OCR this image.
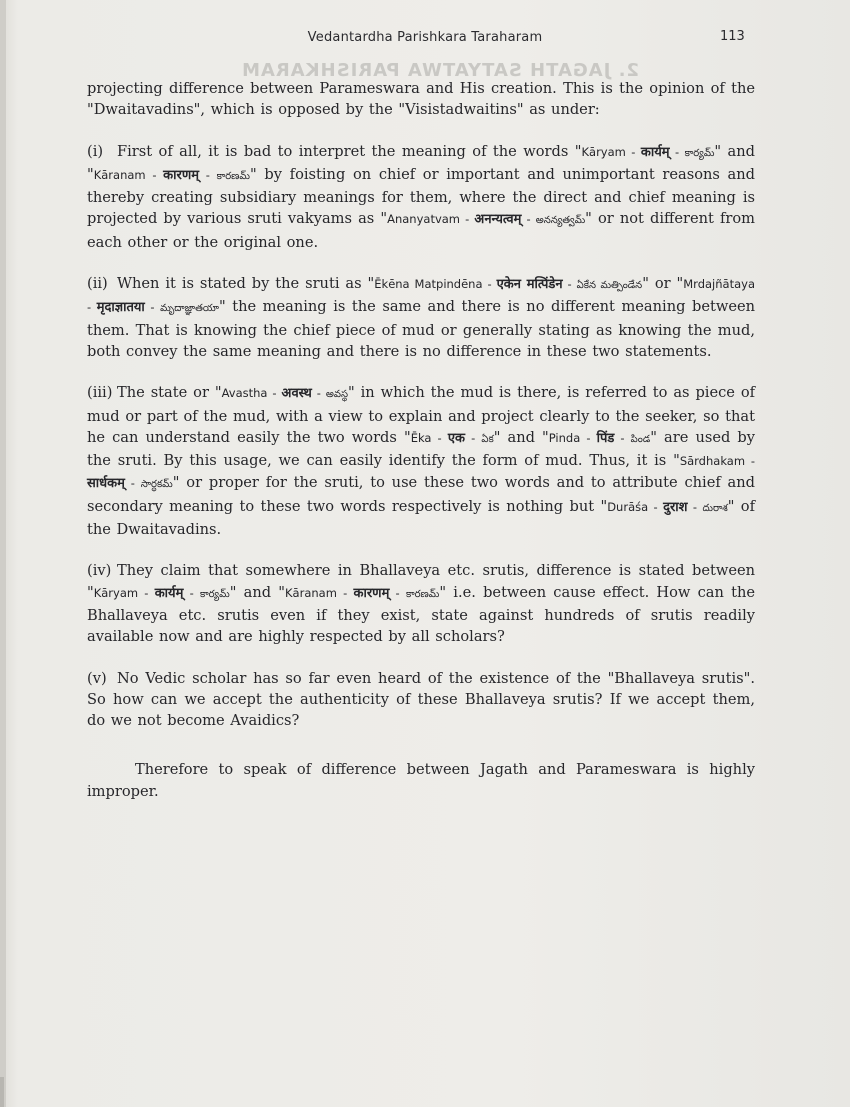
2. JAGATH SATYATWA PARISHKARAM
Vedantardha Parishkara Taraharam	113

projecting difference between Parameswara and His creation. This is the opinion of the "Dwaitavadins", which is opposed by the "Visistadwaitins" as under:

(i) First of all, it is bad to interpret the meaning of the words "Kāryam - कार्यम् - కార్యమ్" and "Kāranam - कारणम् - కారణమ్" by foisting on chief or important and unimportant reasons and thereby creating subsidiary meanings for them, where the direct and chief meaning is projected by various sruti vakyams as "Ananyatvam - अनन्यत्वम् - అనన్యత్వమ్" or not different from each other or the original one.

(ii) When it is stated by the sruti as "Ēkēna Matpindēna - एकेन मत्पिंडेन - ఏకేన మత్పిండేన" or "Mrdajñātaya - मृदाज्ञातया - మృదాజ్ఞాతయా" the meaning is the same and there is no different meaning between them. That is knowing the chief piece of mud or generally stating as knowing the mud, both convey the same meaning and there is no difference in these two statements.

(iii) The state or "Avastha - अवस्थ - అవస్థ" in which the mud is there, is referred to as piece of mud or part of the mud, with a view to explain and project clearly to the seeker, so that he can understand easily the two words "Ēka - एक - ఏక" and "Pinda - पिंड - పిండ" are used by the sruti. By this usage, we can easily identify the form of mud. Thus, it is "Sārdhakam - सार्धकम् - సార్ధకమ్" or proper for the sruti, to use these two words and to attribute chief and secondary meaning to these two words respectively is nothing but "Durāśa - दुराश - దురాశ" of the Dwaitavadins.

(iv) They claim that somewhere in Bhallaveya etc. srutis, difference is stated between "Kāryam - कार्यम् - కార్యమ్" and "Kāranam - कारणम् - కారణమ్" i.e. between cause effect. How can the Bhallaveya etc. srutis even if they exist, state against hundreds of srutis readily available now and are highly respected by all scholars?

(v) No Vedic scholar has so far even heard of the existence of the "Bhallaveya srutis". So how can we accept the authenticity of these Bhallaveya srutis? If we accept them, do we not become Avaidics?

Therefore to speak of difference between Jagath and Parameswara is highly improper.
